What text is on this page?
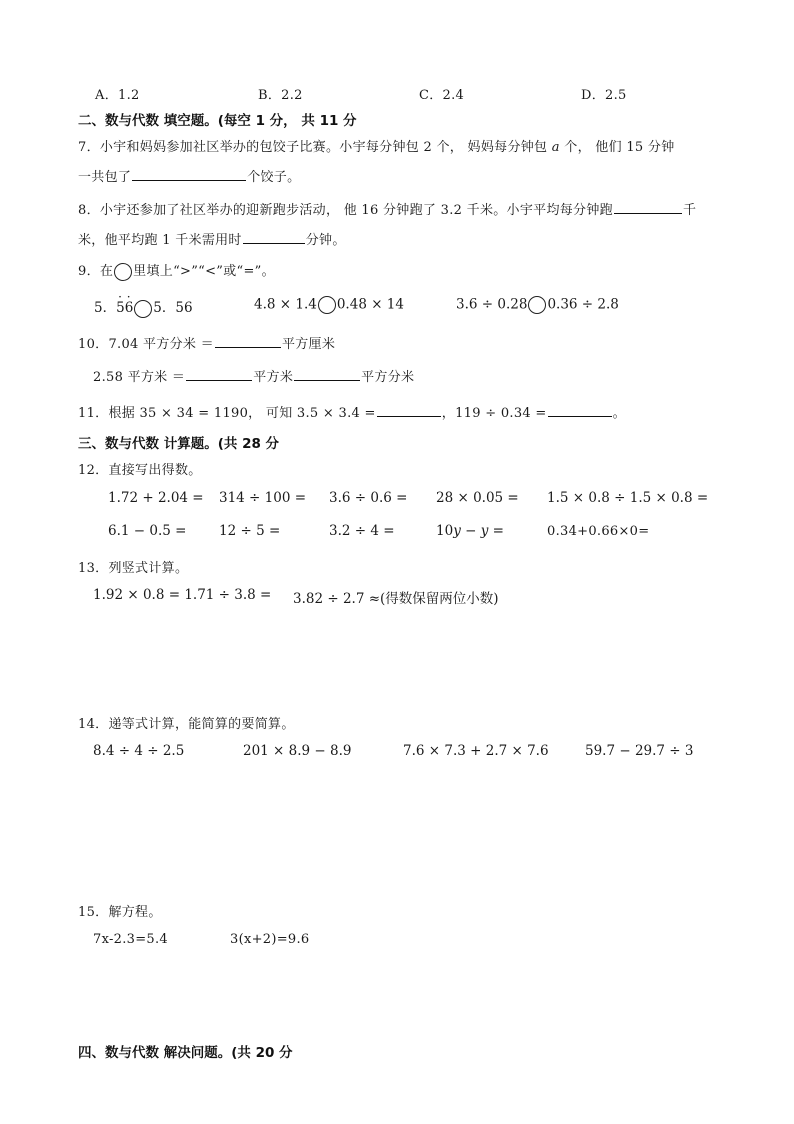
A．1.2	B．2.2	C．2.4	D．2.5
二、数与代数 填空题。(每空 1 分， 共 11 分
7．小宇和妈妈参加社区举办的包饺子比赛。小宇每分钟包 2 个， 妈妈每分钟包 a 个， 他们 15 分钟
一共包了	个饺子。
8．小宇还参加了社区举办的迎新跑步活动， 他 16 分钟跑了 3.2 千米。小宇平均每分钟跑	千
米，他平均跑 1 千米需用时	分钟。
9．在 里填上“>”“<”或“=”。
5．· 5· 6 5．56	4.8 × 1.4 0.48 × 14	3.6 ÷ 0.28 0.36 ÷ 2.8
10．7.04 平方分米 ＝	平方厘米
2.58 平方米 ＝	平方米	平方分米
11．根据 35 × 34 = 1190， 可知 3.5 × 3.4 =	，119 ÷ 0.34 =	。
三、数与代数 计算题。(共 28 分
12．直接写出得数。
1.72 + 2.04 = 314 ÷ 100 = 3.6 ÷ 0.6 = 28 × 0.05 = 1.5 × 0.8 ÷ 1.5 × 0.8 =
6.1 − 0.5 = 12 ÷ 5 =	3.2 ÷ 4 =	10y − y =	0.34+0.66×0=
13．列竖式计算。
1.92 × 0.8 = 1.71 ÷ 3.8 = 3.82 ÷ 2.7 ≈(得数保留两位小数)
14．递等式计算，能简算的要简算。
8.4 ÷ 4 ÷ 2.5	201 × 8.9 − 8.9	7.6 × 7.3 + 2.7 × 7.6	59.7 − 29.7 ÷ 3
15．解方程。
7x-2.3=5.4	3(x+2)=9.6
四、数与代数 解决问题。(共 20 分
